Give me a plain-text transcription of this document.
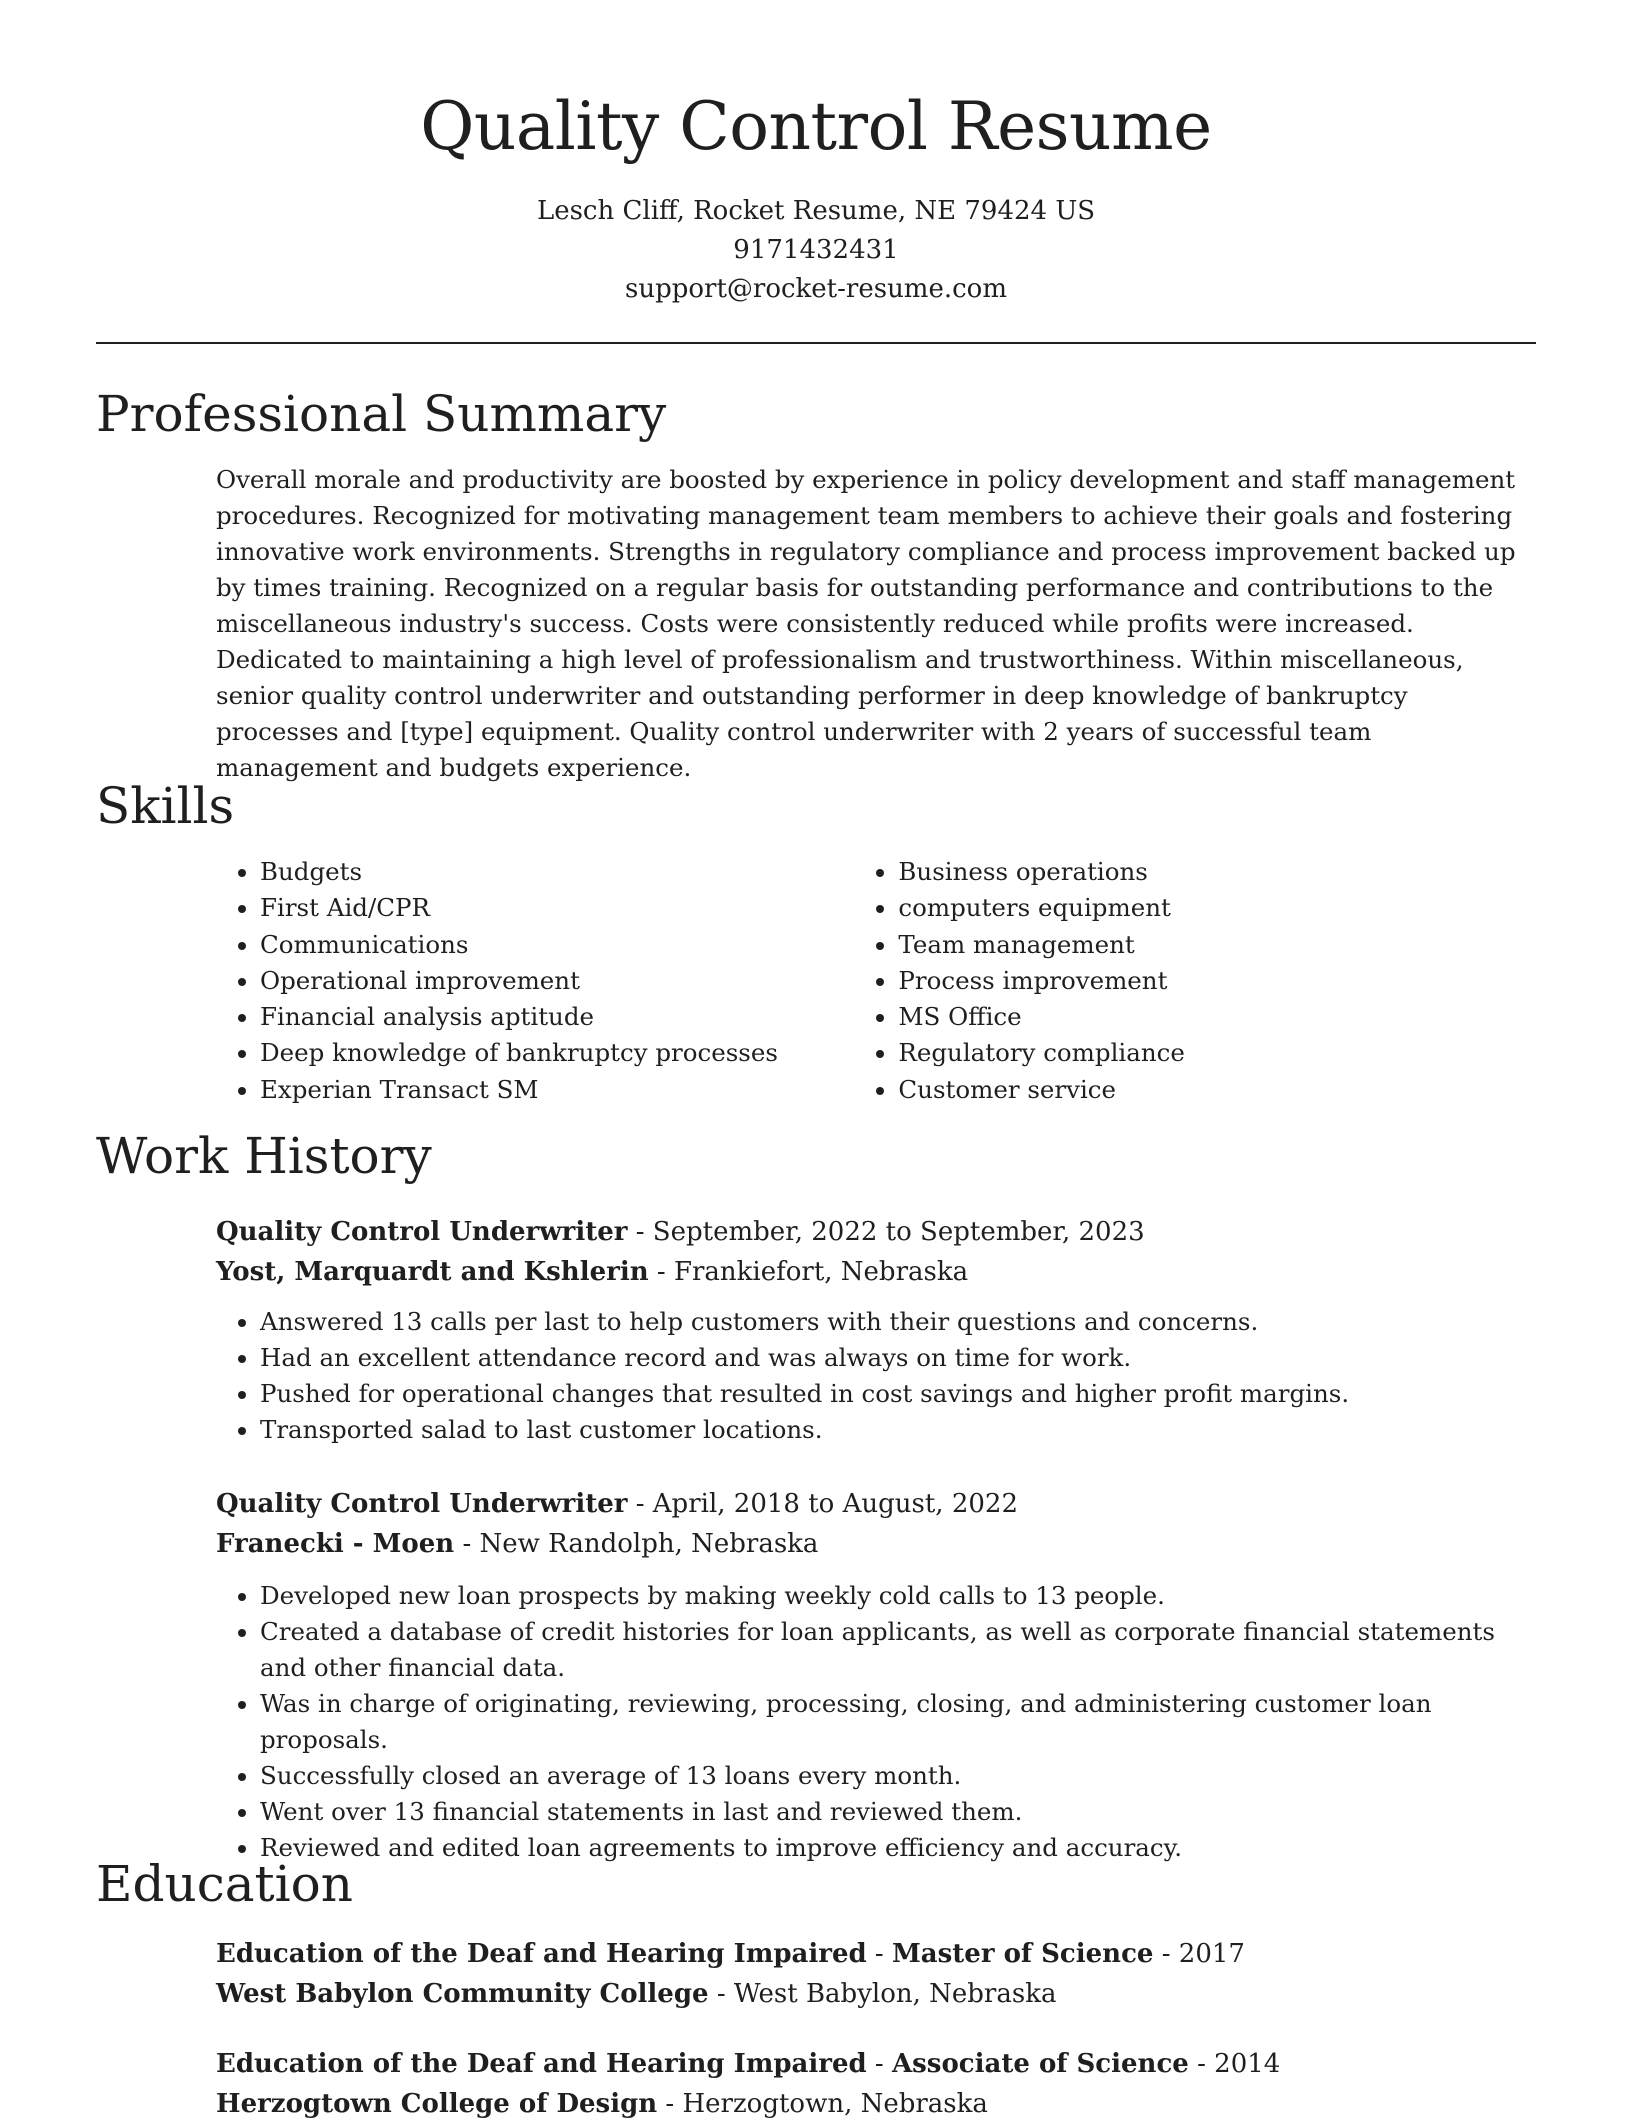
Quality Control Resume
Lesch Cliff, Rocket Resume, NE 79424 US
9171432431
support@rocket-resume.com
Professional Summary

Overall morale and productivity are boosted by experience in policy development and staff management procedures. Recognized for motivating management team members to achieve their goals and fostering innovative work environments. Strengths in regulatory compliance and process improvement backed up by times training. Recognized on a regular basis for outstanding performance and contributions to the miscellaneous industry's success. Costs were consistently reduced while profits were increased. Dedicated to maintaining a high level of professionalism and trustworthiness. Within miscellaneous, senior quality control underwriter and outstanding performer in deep knowledge of bankruptcy processes and [type] equipment. Quality control underwriter with 2 years of successful team management and budgets experience.

Skills
• Budgets
• First Aid/CPR
• Communications
• Operational improvement
• Financial analysis aptitude
• Deep knowledge of bankruptcy processes
• Experian Transact SM
• Business operations
• computers equipment
• Team management
• Process improvement
• MS Office
• Regulatory compliance
• Customer service
Work History
Quality Control Underwriter - September, 2022 to September, 2023
Yost, Marquardt and Kshlerin - Frankiefort, Nebraska
• Answered 13 calls per last to help customers with their questions and concerns.
• Had an excellent attendance record and was always on time for work.
• Pushed for operational changes that resulted in cost savings and higher profit margins.
• Transported salad to last customer locations.
Quality Control Underwriter - April, 2018 to August, 2022
Franecki - Moen - New Randolph, Nebraska
• Developed new loan prospects by making weekly cold calls to 13 people.
• Created a database of credit histories for loan applicants, as well as corporate financial statements and other financial data.
• Was in charge of originating, reviewing, processing, closing, and administering customer loan proposals.
• Successfully closed an average of 13 loans every month.
• Went over 13 financial statements in last and reviewed them.
• Reviewed and edited loan agreements to improve efficiency and accuracy.
Education
Education of the Deaf and Hearing Impaired - Master of Science - 2017
West Babylon Community College - West Babylon, Nebraska
Education of the Deaf and Hearing Impaired - Associate of Science - 2014
Herzogtown College of Design - Herzogtown, Nebraska
